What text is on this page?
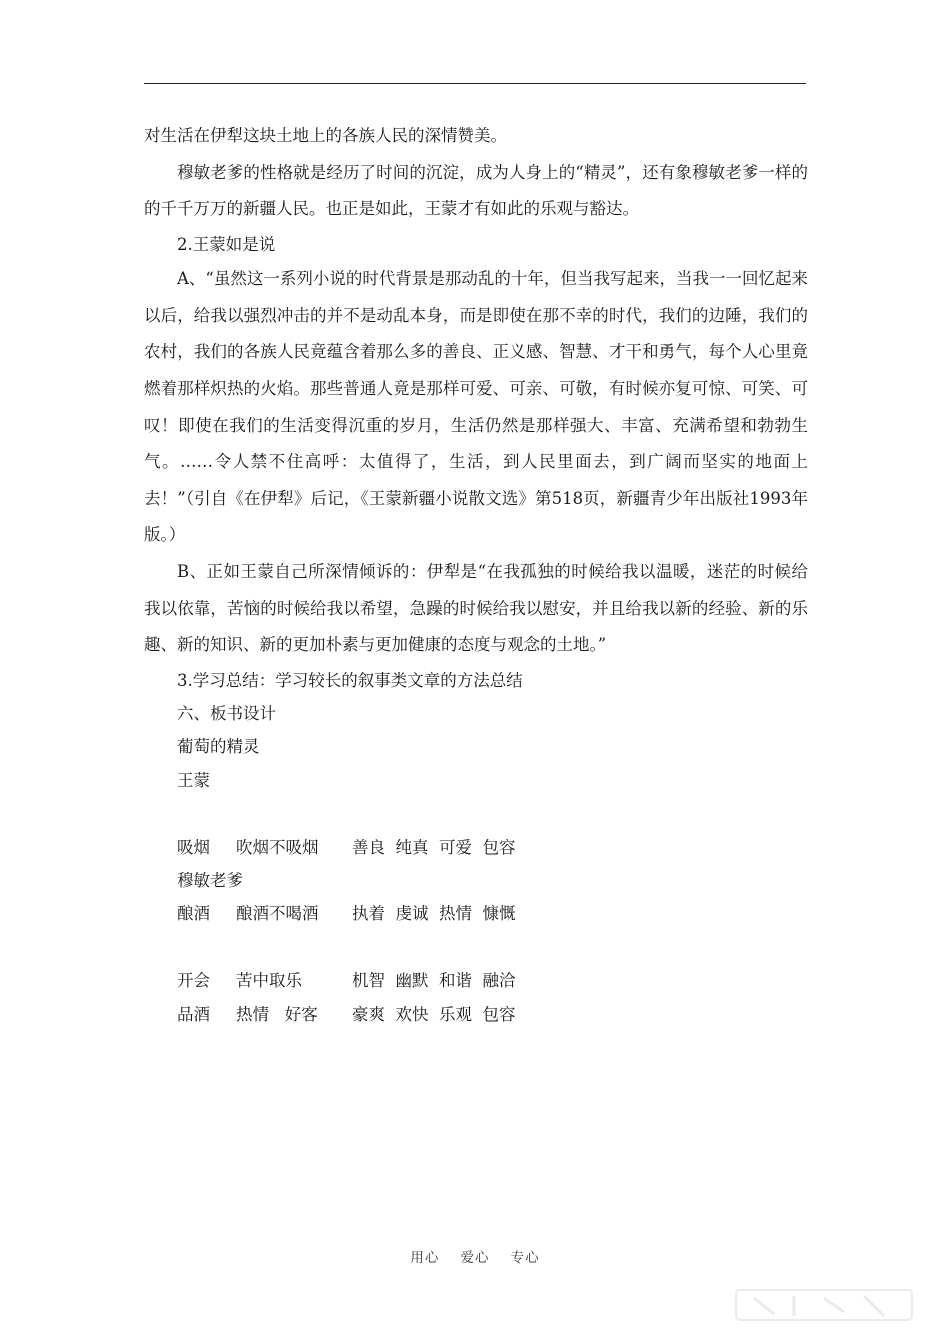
对生活在伊犁这块土地上的各族人民的深情赞美。

穆敏老爹的性格就是经历了时间的沉淀，成为人身上的“精灵”，还有象穆敏老爹一样的的千千万万的新疆人民。也正是如此，王蒙才有如此的乐观与豁达。

2.王蒙如是说

A、“虽然这一系列小说的时代背景是那动乱的十年，但当我写起来，当我一一回忆起来以后，给我以强烈冲击的并不是动乱本身，而是即使在那不幸的时代，我们的边陲，我们的农村，我们的各族人民竟蕴含着那么多的善良、正义感、智慧、才干和勇气，每个人心里竟燃着那样炽热的火焰。那些普通人竟是那样可爱、可亲、可敬，有时候亦复可惊、可笑、可叹！即使在我们的生活变得沉重的岁月，生活仍然是那样强大、丰富、充满希望和勃勃生气。……令人禁不住高呼：太值得了，生活，到人民里面去，到广阔而坚实的地面上去！”（引自《在伊犁》后记，《王蒙新疆小说散文选》第518页，新疆青少年出版社1993年版。）

B、正如王蒙自己所深情倾诉的：伊犁是“在我孤独的时候给我以温暖，迷茫的时候给我以依靠，苦恼的时候给我以希望，急躁的时候给我以慰安，并且给我以新的经验、新的乐趣、新的知识、新的更加朴素与更加健康的态度与观念的土地。”

3.学习总结：学习较长的叙事类文章的方法总结

六、板书设计

葡萄的精灵

王蒙

吸烟 吹烟不吸烟 善良  纯真  可爱  包容
穆敏老爹
酿酒 酿酒不喝酒 执着  虔诚  热情  慷慨
开会 苦中取乐	机智  幽默  和谐  融洽
品酒 热情   好客 豪爽  欢快  乐观  包容
用心    爱心    专心
